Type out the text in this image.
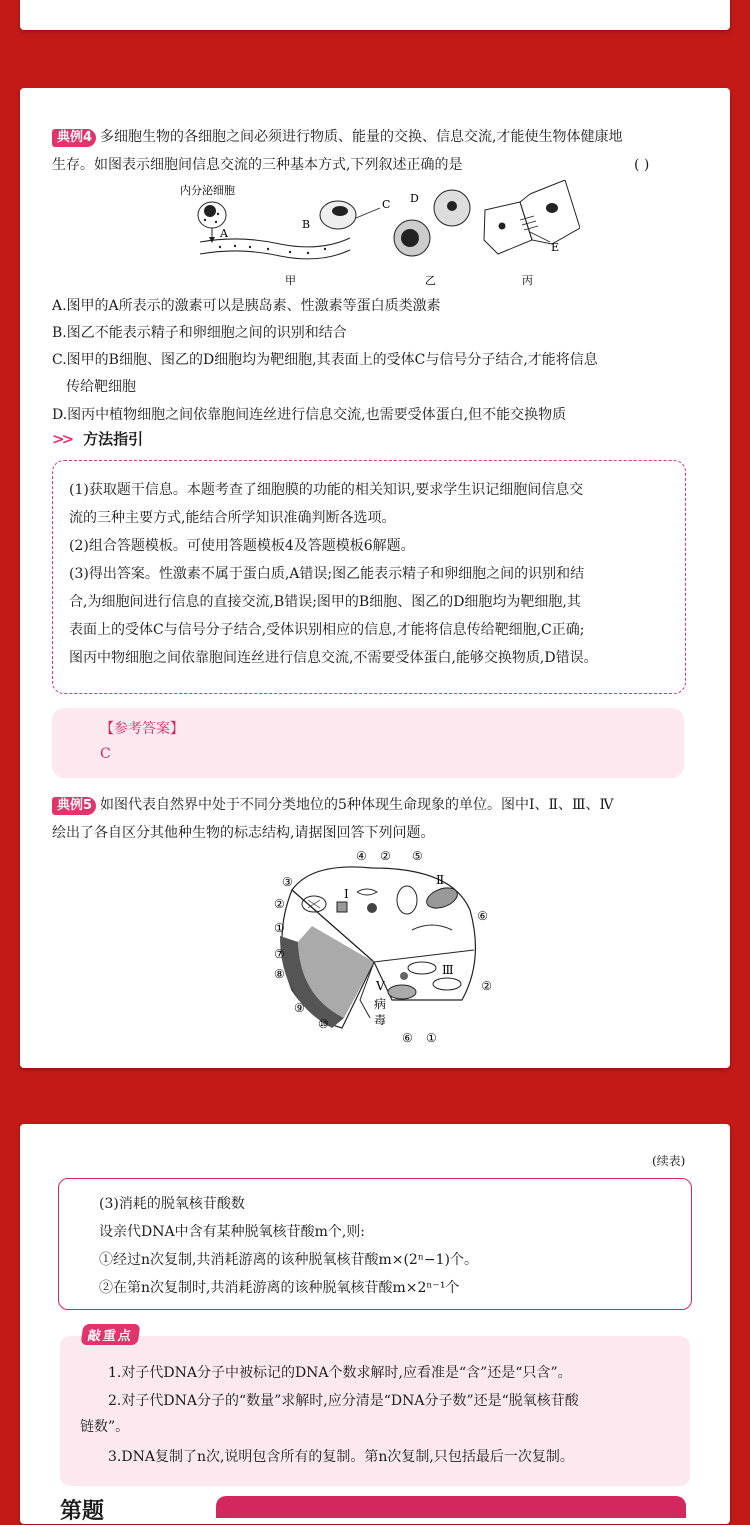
典例4 多细胞生物的各细胞之间必须进行物质、能量的交换、信息交流,才能使生物体健康地

生存。如图表示细胞间信息交流的三种基本方式,下列叙述正确的是	( )

内分泌细胞
A
B
C D
E
甲	乙	丙

A.图甲的A所表示的激素可以是胰岛素、性激素等蛋白质类激素

B.图乙不能表示精子和卵细胞之间的识别和结合

C.图甲的B细胞、图乙的D细胞均为靶细胞,其表面上的受体C与信号分子结合,才能将信息

传给靶细胞

D.图丙中植物细胞之间依靠胞间连丝进行信息交流,也需要受体蛋白,但不能交换物质

>> 方法指引

(1)获取题干信息。本题考查了细胞膜的功能的相关知识,要求学生识记细胞间信息交

流的三种主要方式,能结合所学知识准确判断各选项。

(2)组合答题模板。可使用答题模板4及答题模板6解题。

(3)得出答案。性激素不属于蛋白质,A错误;图乙能表示精子和卵细胞之间的识别和结

合,为细胞间进行信息的直接交流,B错误;图甲的B细胞、图乙的D细胞均为靶细胞,其

表面上的受体C与信号分子结合,受体识别相应的信息,才能将信息传给靶细胞,C正确;

图丙中物细胞之间依靠胞间连丝进行信息交流,不需要受体蛋白,能够交换物质,D错误。

【参考答案】
C

典例5 如图代表自然界中处于不同分类地位的5种体现生命现象的单位。图中Ⅰ、Ⅱ、Ⅲ、Ⅳ

绘出了各自区分其他种生物的标志结构,请据图回答下列问题。

④ ② ⑤
③
②
①
⑦
⑧
⑨
⑩
⑥
②
⑥ ①
Ⅰ
Ⅱ
Ⅲ
Ⅴ
病
毒

(续表)

(3)消耗的脱氧核苷酸数

设亲代DNA中含有某种脱氧核苷酸m个,则:

①经过n次复制,共消耗游离的该种脱氧核苷酸m×(2ⁿ−1)个。

②在第n次复制时,共消耗游离的该种脱氧核苷酸m×2ⁿ⁻¹个

1.对子代DNA分子中被标记的DNA个数求解时,应看准是“含”还是“只含”。

2.对子代DNA分子的“数量”求解时,应分清是“DNA分子数”还是“脱氧核苷酸

链数”。

3.DNA复制了n次,说明包含所有的复制。第n次复制,只包括最后一次复制。

敲重点
第题
